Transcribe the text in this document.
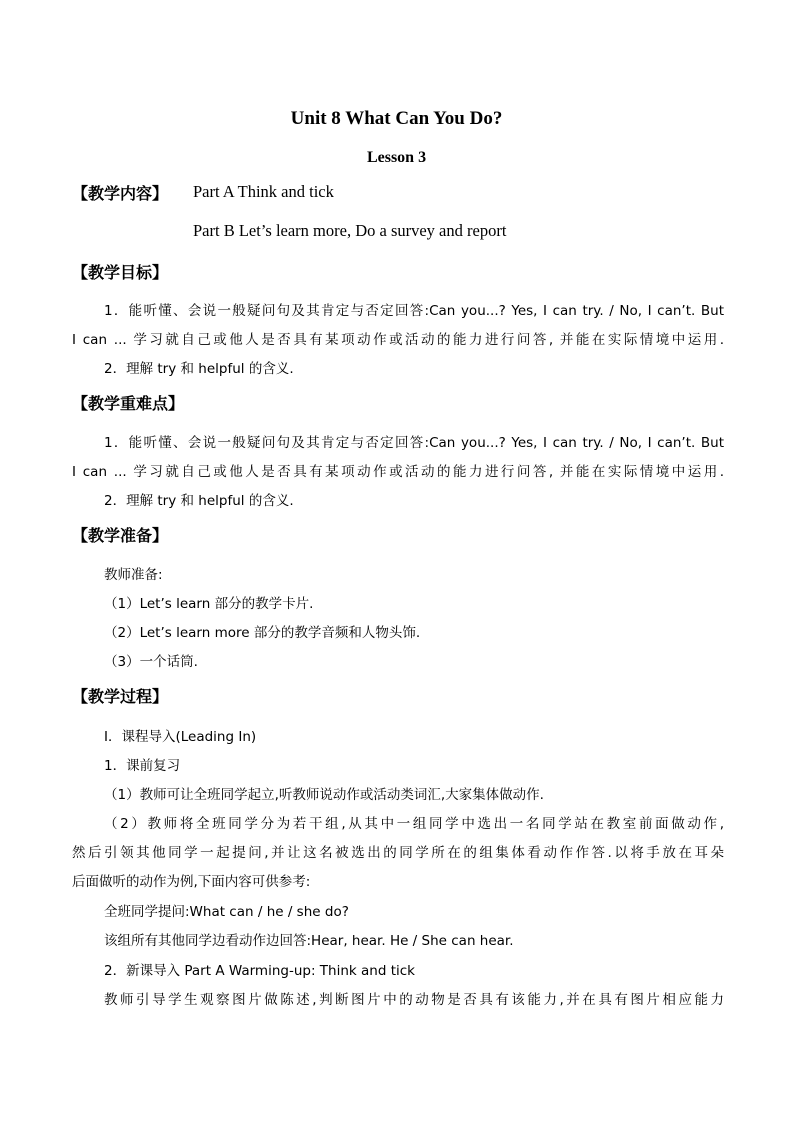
Unit 8 What Can You Do?
Lesson 3
【教学内容】 Part A Think and tick
Part B Let’s learn more, Do a survey and report
【教学目标】
1．能听懂、会说一般疑问句及其肯定与否定回答:Can you...? Yes, I can try. / No, I can’t. But
I can ... 学习就自己或他人是否具有某项动作或活动的能力进行问答, 并能在实际情境中运用.
2．理解 try 和 helpful 的含义.
【教学重难点】
1．能听懂、会说一般疑问句及其肯定与否定回答:Can you...? Yes, I can try. / No, I can’t. But
I can ... 学习就自己或他人是否具有某项动作或活动的能力进行问答, 并能在实际情境中运用.
2．理解 try 和 helpful 的含义.
【教学准备】
教师准备:
（1）Let’s learn 部分的教学卡片.
（2）Let’s learn more 部分的教学音频和人物头饰.
（3）一个话筒.
【教学过程】
Ⅰ．课程导入(Leading In)
1．课前复习
（1）教师可让全班同学起立,听教师说动作或活动类词汇,大家集体做动作.
（2）教师将全班同学分为若干组,从其中一组同学中选出一名同学站在教室前面做动作,
然后引领其他同学一起提问,并让这名被选出的同学所在的组集体看动作作答.以将手放在耳朵
后面做听的动作为例,下面内容可供参考:
全班同学提问:What can / he / she do?
该组所有其他同学边看动作边回答:Hear, hear. He / She can hear.
2．新课导入 Part A Warming-up: Think and tick
教师引导学生观察图片做陈述,判断图片中的动物是否具有该能力,并在具有图片相应能力
